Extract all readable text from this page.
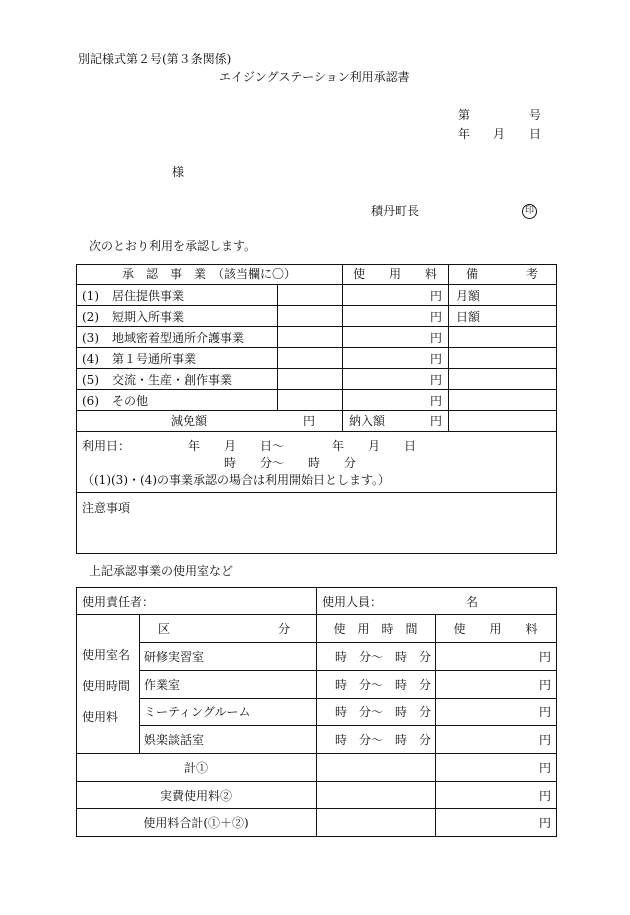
別記様式第２号(第３条関係)
エイジングステーション利用承認書
第	号
年 月 日
様
積丹町長	印
次のとおり利用を承認します。
承　認　事　業　（該当欄に〇）	使　　用　　料	備　　　　考
(1) 居住提供事業	円 月額
(2) 短期入所事業	円 日額
(3) 地域密着型通所介護事業	円
(4) 第１号通所事業	円
(5) 交流・生産・創作事業	円
(6) その他	円
減免額	円	納入額	円
利用日：	年　　月　　日～　　　　年　　月　　日
時　　分～　　時　　分
（(1)(3)・(4)の事業承認の場合は利用開始日とします。）
注意事項
上記承認事業の使用室など
使用責任者：	使用人員：	名
区　　　　　　　　　分	使　用　時　間	使　　用　　料
使用室名
使用時間
使用料
研修実習室	時　分～　時　分	円
作業室	時　分～　時　分	円
ミーティングルーム	時　分～　時　分	円
娯楽談話室	時　分～　時　分	円
計①	円
実費使用料②	円
使用料合計(①＋②)	円
